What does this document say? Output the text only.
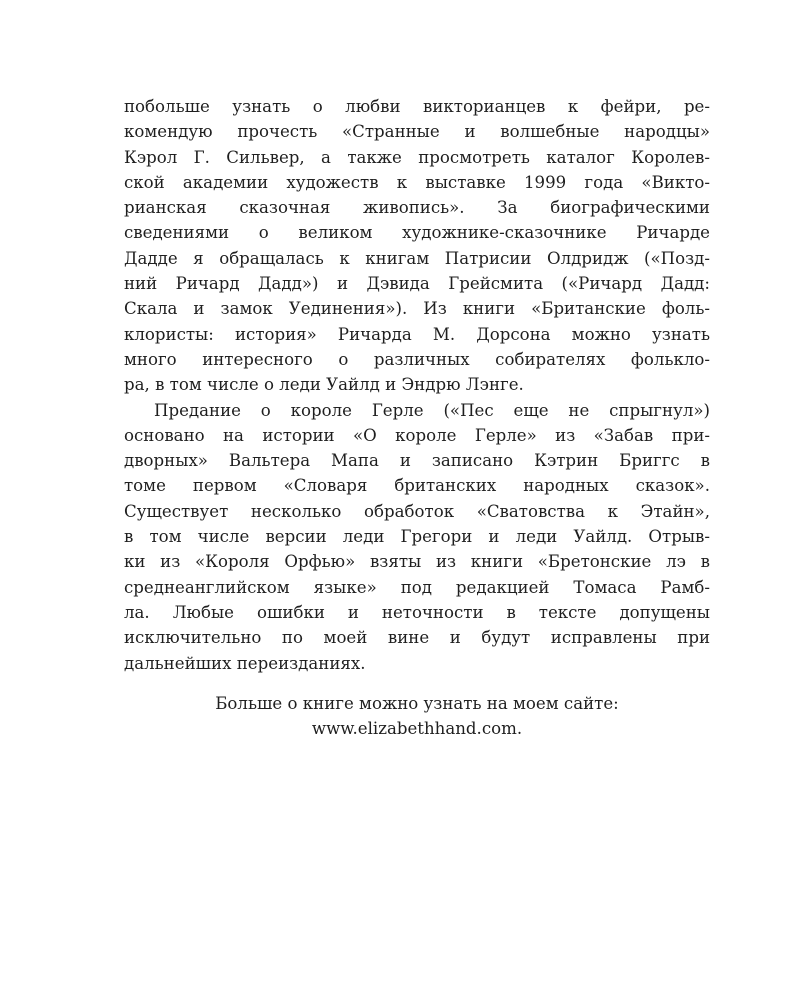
побольше узнать о любви викторианцев к фейри, ре-
комендую прочесть «Странные и волшебные народцы»
Кэрол Г. Сильвер, а также просмотреть каталог Королев-
ской академии художеств к выставке 1999 года «Викто-
рианская сказочная живопись». За биографическими
сведениями о великом художнике-сказочнике Ричарде
Дадде я обращалась к книгам Патрисии Олдридж («Позд-
ний Ричард Дадд») и Дэвида Грейсмита («Ричард Дадд:
Скала и замок Уединения»). Из книги «Британские фоль-
клористы: история» Ричарда М. Дорсона можно узнать
много интересного о различных собирателях фолькло-
ра, в том числе о леди Уайлд и Эндрю Лэнге.
Предание о короле Герле («Пес еще не спрыгнул»)
основано на истории «О короле Герле» из «Забав при-
дворных» Вальтера Мапа и записано Кэтрин Бриггс в
томе первом «Словаря британских народных сказок».
Существует несколько обработок «Сватовства к Этайн»,
в том числе версии леди Грегори и леди Уайлд. Отрыв-
ки из «Короля Орфью» взяты из книги «Бретонские лэ в
среднеанглийском языке» под редакцией Томаса Рамб-
ла. Любые ошибки и неточности в тексте допущены
исключительно по моей вине и будут исправлены при
дальнейших переизданиях.
Больше о книге можно узнать на моем сайте:
www.elizabethhand.com.
